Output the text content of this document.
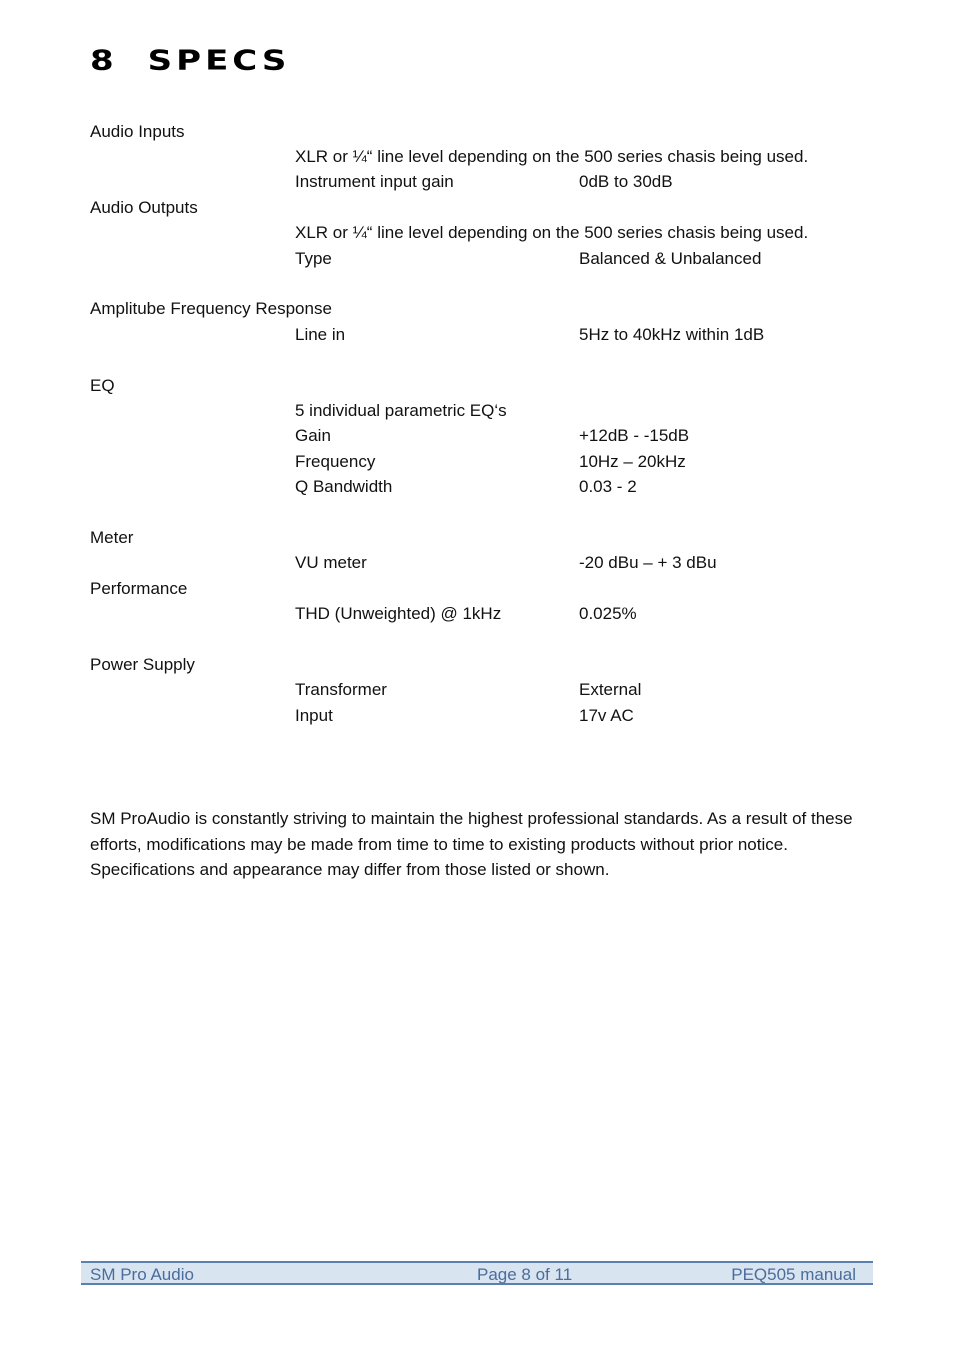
8 SPECS
Audio Inputs
XLR or ¼“ line level depending on the 500 series chasis being used.
Instrument input gain	0dB to 30dB
Audio Outputs
XLR or ¼“ line level depending on the 500 series chasis being used.
Type	Balanced & Unbalanced
Amplitube Frequency Response
Line in	5Hz to 40kHz within 1dB
EQ
5 individual parametric EQ‘s
Gain	+12dB - -15dB
Frequency	10Hz – 20kHz
Q Bandwidth	0.03 - 2
Meter
VU meter	-20 dBu – + 3 dBu
Performance
THD (Unweighted) @ 1kHz	0.025%
Power Supply
Transformer	External
Input	17v AC

SM ProAudio is constantly striving to maintain the highest professional standards. As a result of these efforts, modifications may be made from time to time to existing products without prior notice. Specifications and appearance may differ from those listed or shown.

SM Pro Audio	Page 8 of 11	PEQ505 manual
